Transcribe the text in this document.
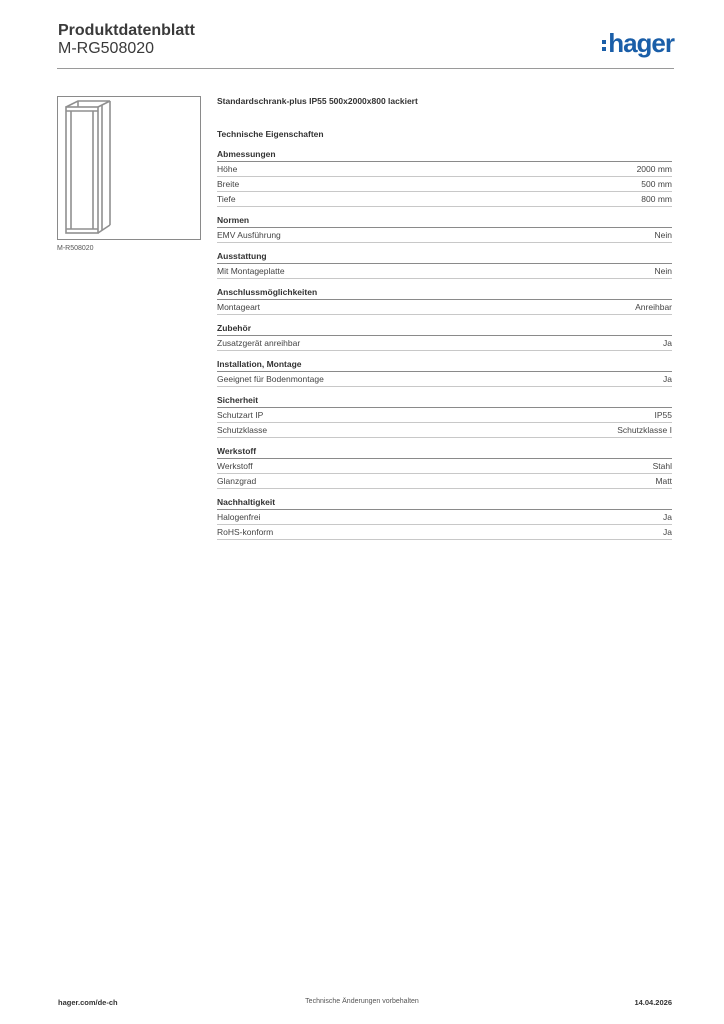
Produktdatenblatt
M-RG508020	hager
M-R508020
Standardschrank-plus IP55 500x2000x800 lackiert
Technische Eigenschaften
Abmessungen
Höhe	2000 mm
Breite	500 mm
Tiefe	800 mm
Normen
EMV Ausführung	Nein
Ausstattung
Mit Montageplatte	Nein
Anschlussmöglichkeiten
Montageart	Anreihbar
Zubehör
Zusatzgerät anreihbar	Ja
Installation, Montage
Geeignet für Bodenmontage	Ja
Sicherheit
Schutzart IP	IP55
Schutzklasse	Schutzklasse I
Werkstoff
Werkstoff	Stahl
Glanzgrad	Matt
Nachhaltigkeit
Halogenfrei	Ja
RoHS-konform	Ja
hager.com/de-ch	Technische Änderungen vorbehalten	14.04.2026
